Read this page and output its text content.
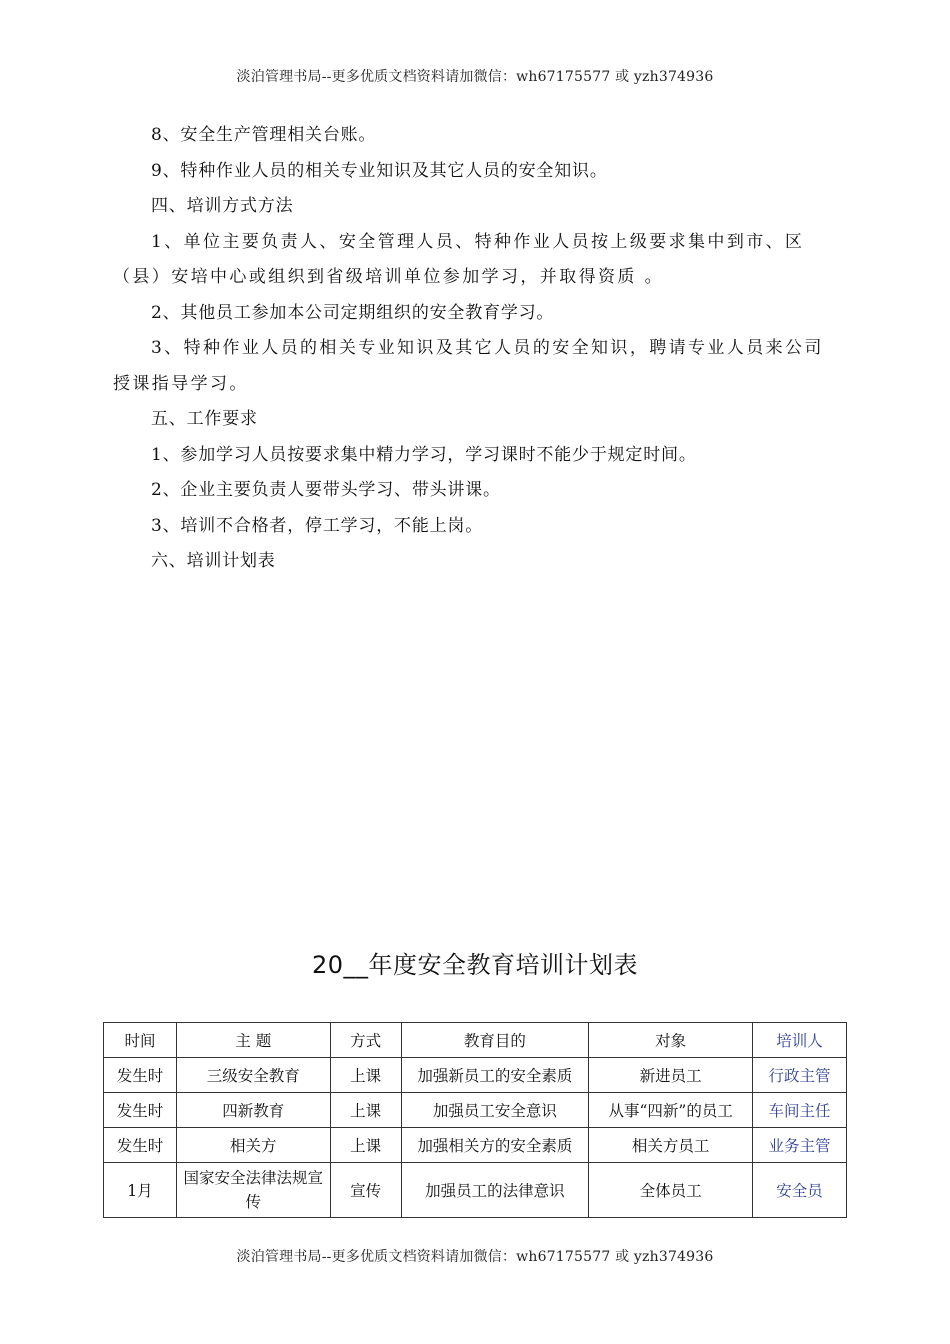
淡泊管理书局--更多优质文档资料请加微信：wh67175577 或 yzh374936

8、安全生产管理相关台账。

9、特种作业人员的相关专业知识及其它人员的安全知识。

四、培训方式方法

1、单位主要负责人、安全管理人员、特种作业人员按上级要求集中到市、区（县）安培中心或组织到省级培训单位参加学习，并取得资质 。

2、其他员工参加本公司定期组织的安全教育学习。

3、特种作业人员的相关专业知识及其它人员的安全知识，聘请专业人员来公司授课指导学习。

五、工作要求

1、参加学习人员按要求集中精力学习，学习课时不能少于规定时间。

2、企业主要负责人要带头学习、带头讲课。

3、培训不合格者，停工学习，不能上岗。

六、培训计划表

20__年度安全教育培训计划表
时间	主 题	方式	教育目的	对象	培训人
发生时	三级安全教育	上课	加强新员工的安全素质	新进员工	行政主管
发生时	四新教育	上课	加强员工安全意识	从事“四新”的员工	车间主任
发生时	相关方	上课	加强相关方的安全素质	相关方员工	业务主管
1月	国家安全法律法规宣传	宣传	加强员工的法律意识	全体员工	安全员
淡泊管理书局--更多优质文档资料请加微信：wh67175577 或 yzh374936
